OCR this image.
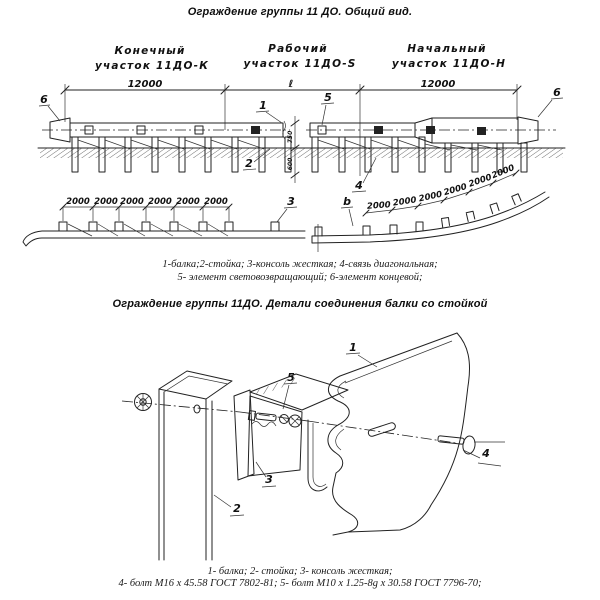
Ограждение группы 11 ДО. Общий вид.
1-балка;2-стойка; 3-консоль жесткая; 4-связь диагональная;
5- элемент световозвращающий; 6-элемент концевой;
Ограждение группы 11ДО. Детали соединения балки со стойкой
1- балка; 2- стойка; 3- консоль жесткая;
4- болт М16 х 45.58 ГОСТ 7802-81; 5- болт М10 х 1.25-8g х 30.58 ГОСТ 7796-70;
Конечный
участок 11ДО-К
Рабочий
участок 11ДО-S
Начальный
участок 11ДО-Н
12000	ℓ	12000
750
600
6	1
5
2
4
6
2000 2000 2000 2000 2000 2000	3	2000 2000 2000 2000
2000
2000
b
1
5
4
3
2
